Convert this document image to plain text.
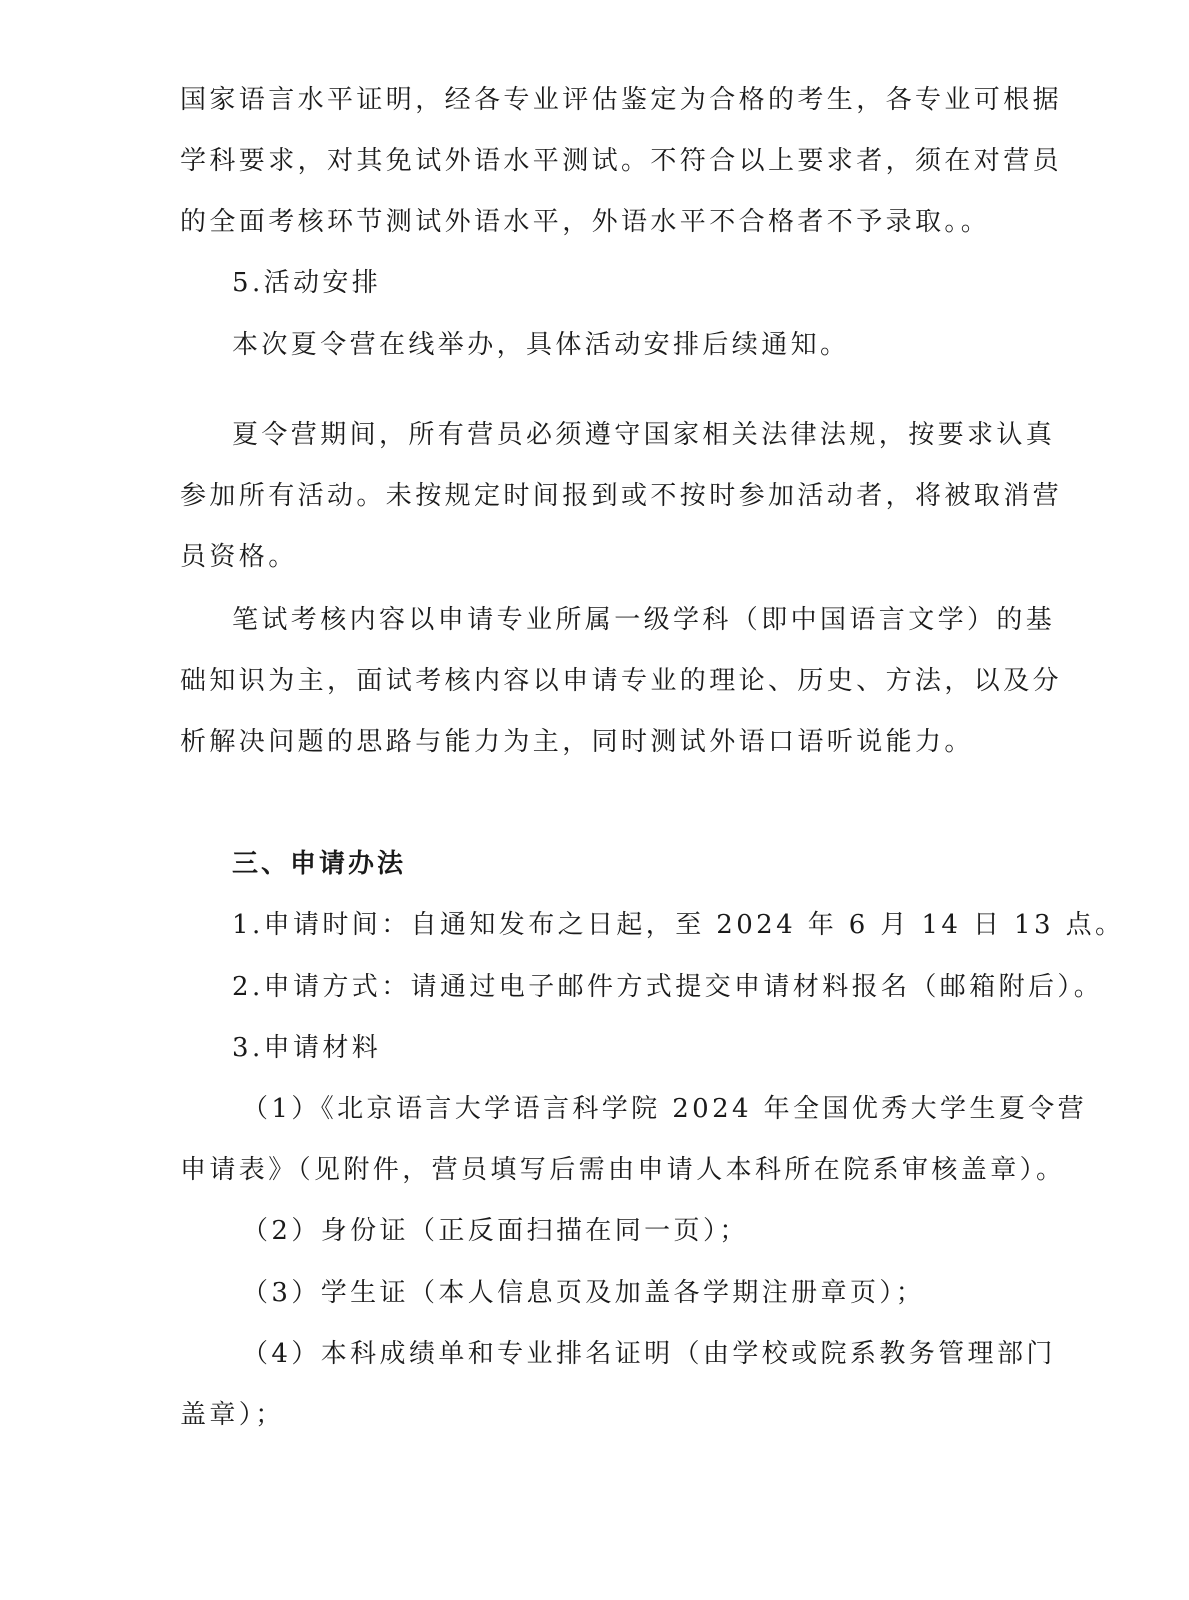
国家语言水平证明，经各专业评估鉴定为合格的考生，各专业可根据
学科要求，对其免试外语水平测试。不符合以上要求者，须在对营员
的全面考核环节测试外语水平，外语水平不合格者不予录取。。
5.活动安排
本次夏令营在线举办，具体活动安排后续通知。
夏令营期间，所有营员必须遵守国家相关法律法规，按要求认真
参加所有活动。未按规定时间报到或不按时参加活动者，将被取消营
员资格。
笔试考核内容以申请专业所属一级学科（即中国语言文学）的基
础知识为主，面试考核内容以申请专业的理论、历史、方法，以及分
析解决问题的思路与能力为主，同时测试外语口语听说能力。
三、申请办法
1.申请时间：自通知发布之日起，至 2024 年 6 月 14 日 13 点。
2.申请方式：请通过电子邮件方式提交申请材料报名（邮箱附后）。
3.申请材料
（1）《北京语言大学语言科学院 2024 年全国优秀大学生夏令营
申请表》（见附件，营员填写后需由申请人本科所在院系审核盖章）。
（2）身份证（正反面扫描在同一页）；
（3）学生证（本人信息页及加盖各学期注册章页）；
（4）本科成绩单和专业排名证明（由学校或院系教务管理部门
盖章）；
